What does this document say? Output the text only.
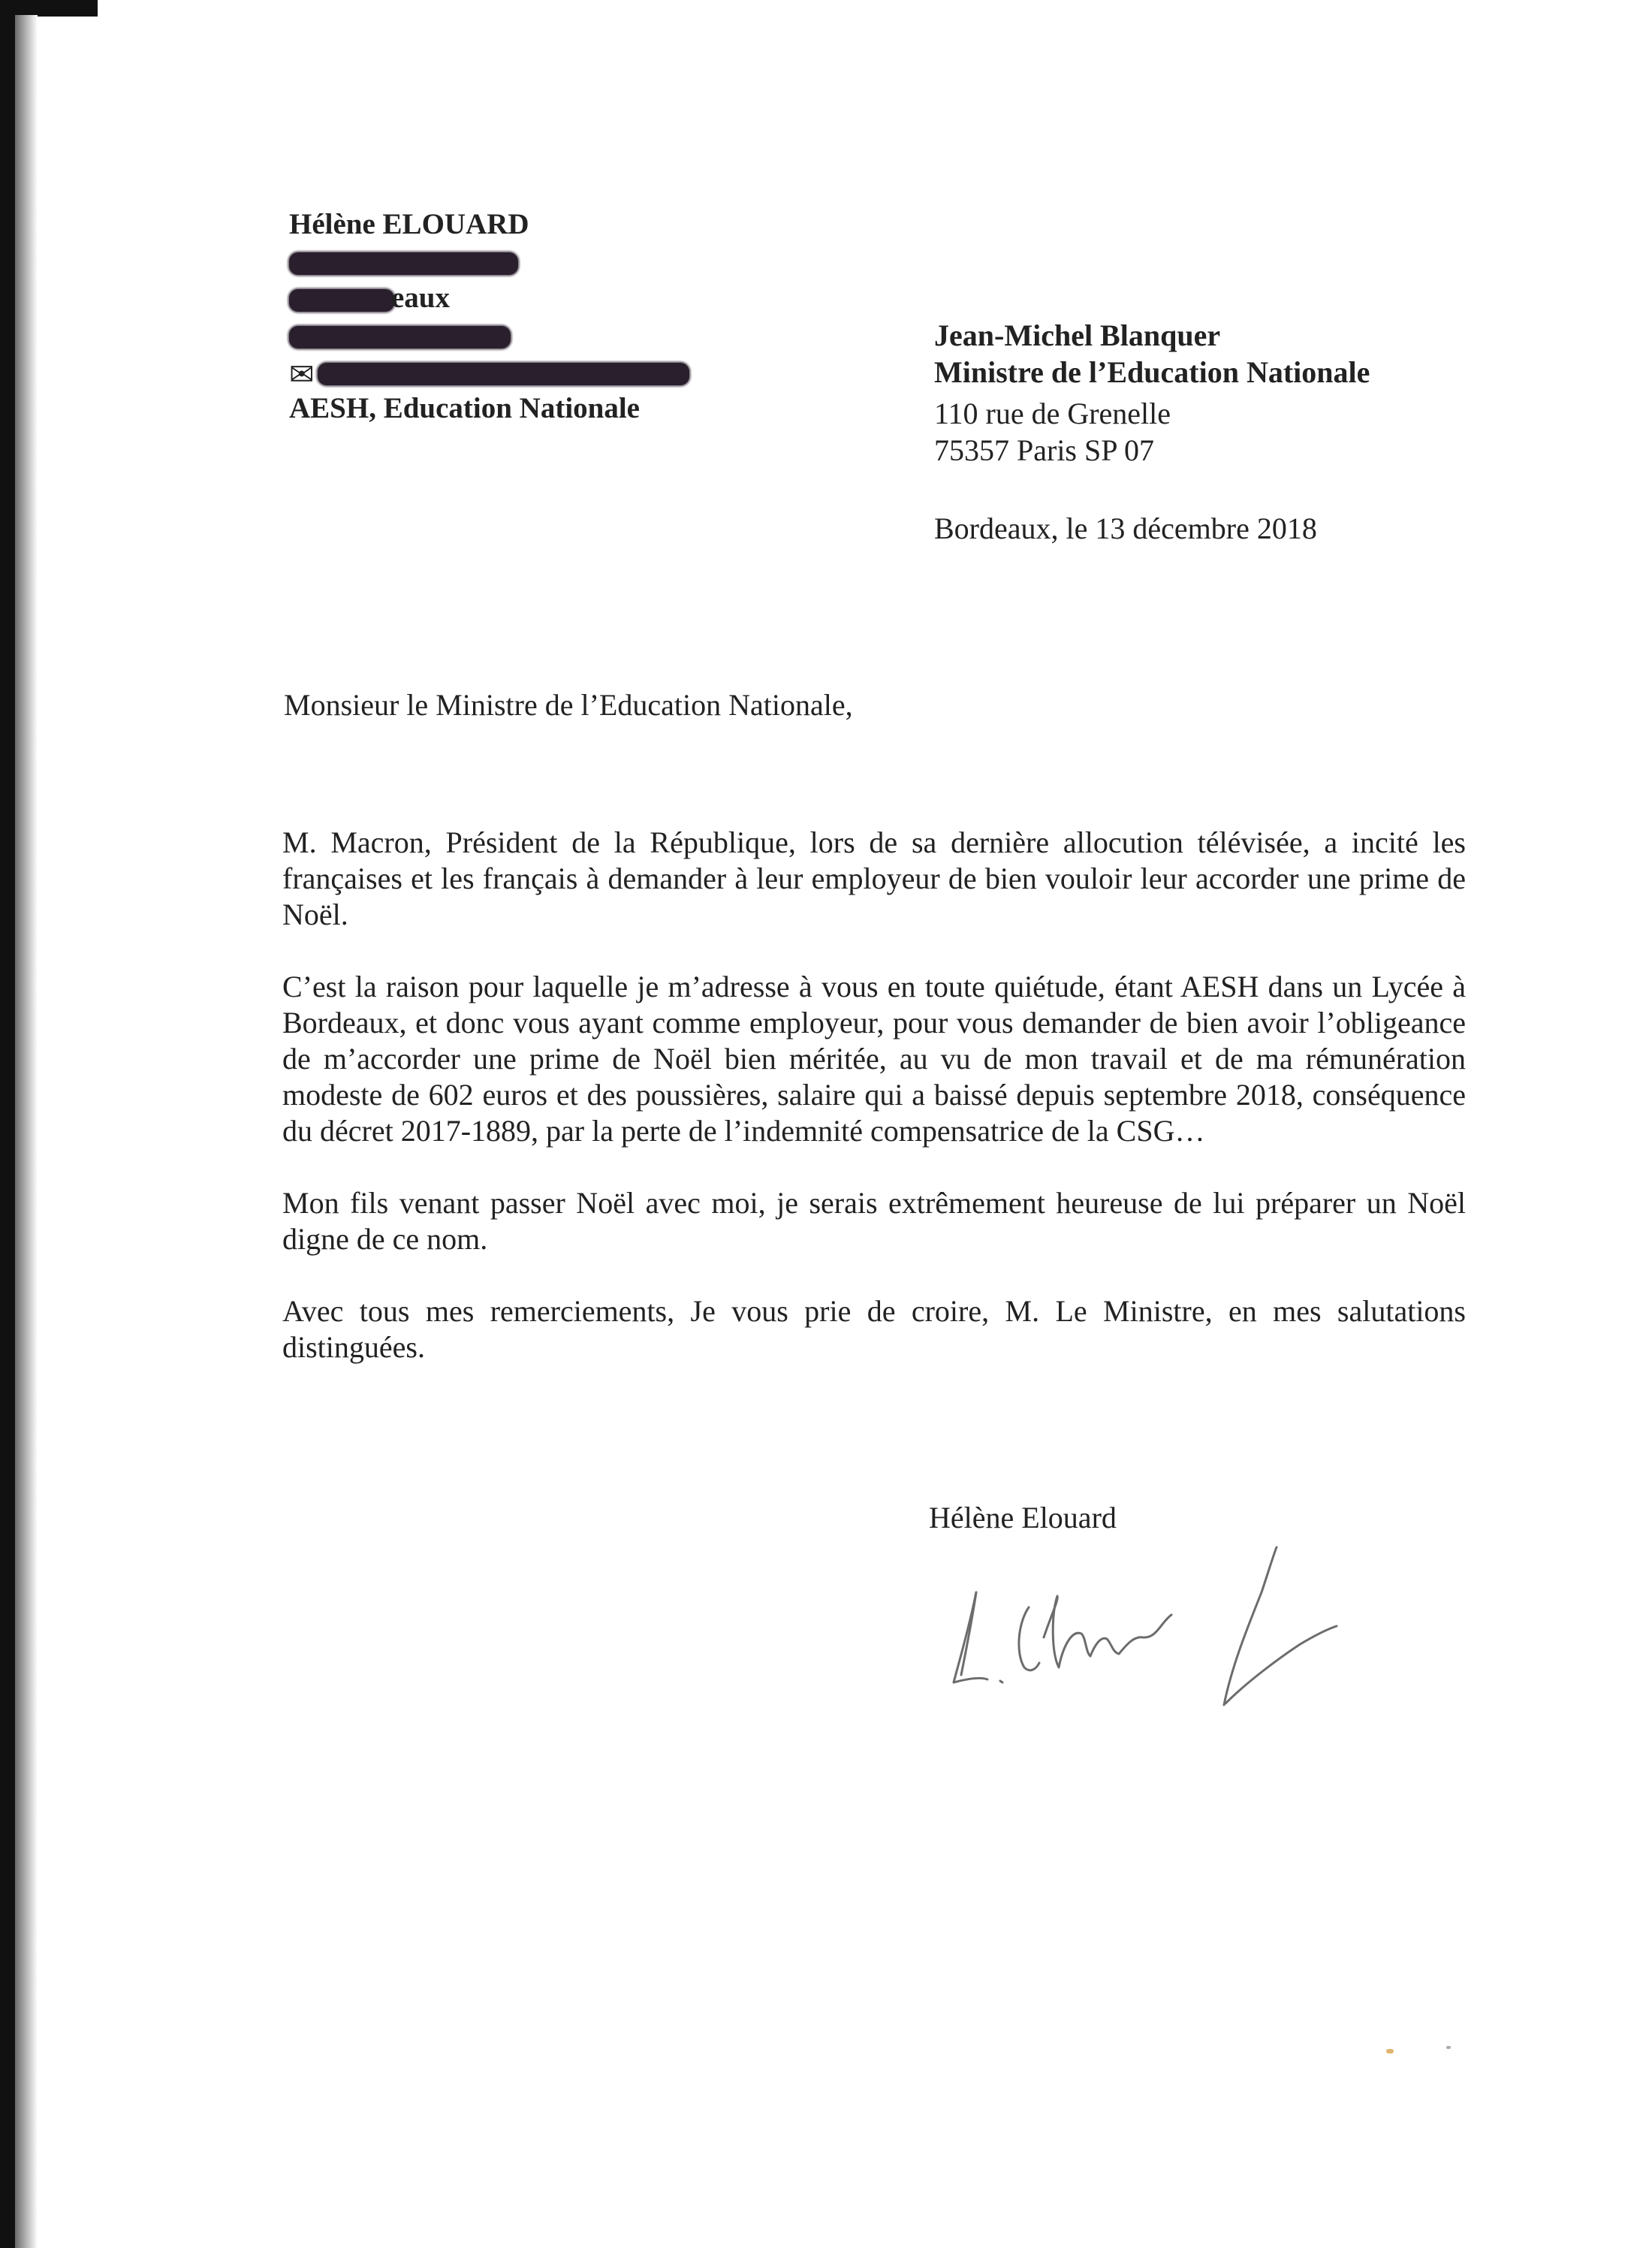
Hélène ELOUARD
eaux
✉
AESH, Education Nationale
Jean-Michel Blanquer
Ministre de l’Education Nationale
110 rue de Grenelle
75357 Paris SP 07
Bordeaux, le 13 décembre 2018
Monsieur le Ministre de l’Education Nationale,

M. Macron, Président de la République, lors de sa dernière allocution télévisée, a incité les françaises et les français à demander à leur employeur de bien vouloir leur accorder une prime de Noël.

C’est la raison pour laquelle je m’adresse à vous en toute quiétude, étant AESH dans un Lycée à Bordeaux, et donc vous ayant comme employeur, pour vous demander de bien avoir l’obligeance de m’accorder une prime de Noël bien méritée, au vu de mon travail et de ma rémunération modeste de 602 euros et des poussières, salaire qui a baissé depuis septembre 2018, conséquence du décret 2017-1889, par la perte de l’indemnité compensatrice de la CSG…

Mon fils venant passer Noël avec moi, je serais extrêmement heureuse de lui préparer un Noël digne de ce nom.

Avec tous mes remerciements, Je vous prie de croire, M. Le Ministre, en mes salutations distinguées.

Hélène Elouard
